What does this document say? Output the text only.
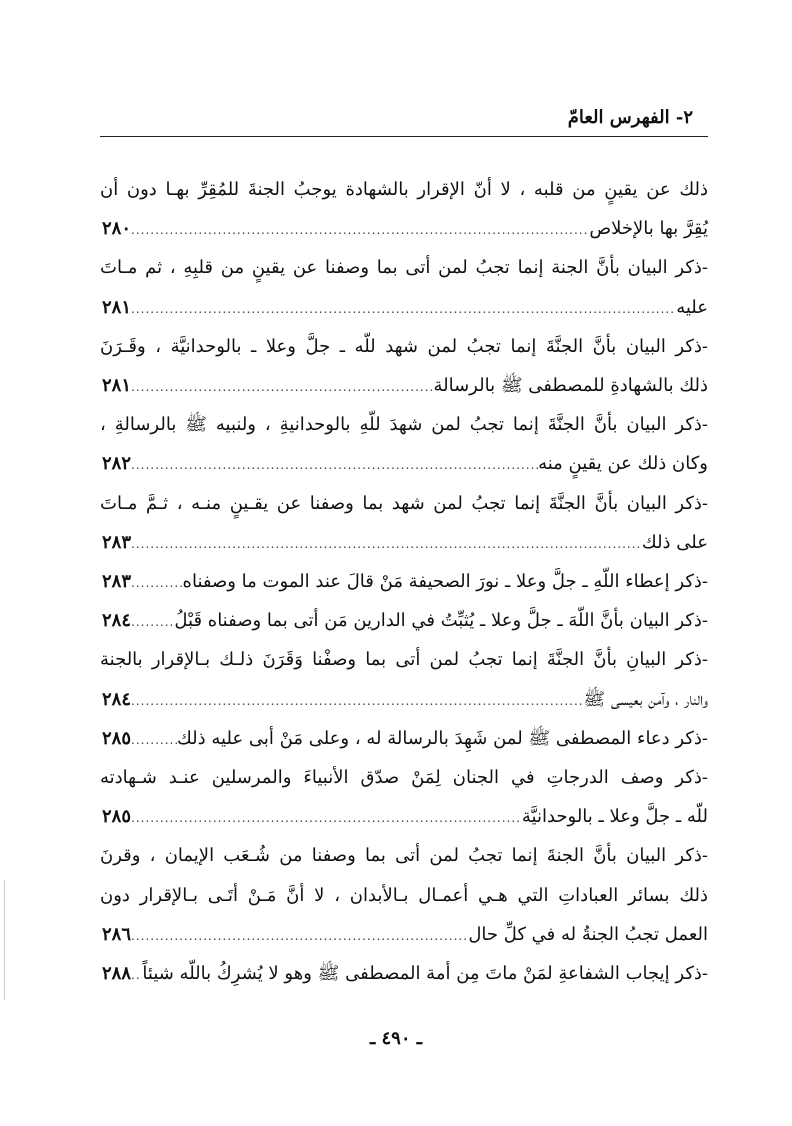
٢- الفهرس العامّ
ذلك عن يقينٍ من قلبه ، لا أنّ الإقرار بالشهادة يوجبُ الجنةَ للمُقِرِّ بهـا دون أن
يُقِرَّ بها بالإخلاص
.....
٢٨٠
-ذكر البيان بأنَّ الجنة إنما تجبُ لمن أتى بما وصفنا عن يقينٍ من قلبِهِ ، ثم مـاتَ
عليه
.....
٢٨١
-ذكر البيان بأنَّ الجنَّةَ إنما تجبُ لمن شهد للّه ـ جلَّ وعلا ـ بالوحدانيَّة ، وقَـرَنَ
ذلك بالشهادةِ للمصطفى ﷺ بالرسالة
.....
٢٨١
-ذكر البيان بأنَّ الجنَّةَ إنما تجبُ لمن شهدَ للّهِ بالوحدانيةِ ، ولنبيه ﷺ بالرسالةِ ،
وكان ذلك عن يقينٍ منه
.....
٢٨٢
-ذكر البيان بأنَّ الجنَّةَ إنما تجبُ لمن شهد بما وصفنا عن يقـينٍ منـه ، ثـمَّ مـاتَ
على ذلك
.....
٢٨٣
-ذكر إعطاء اللّهِ ـ جلَّ وعلا ـ نورَ الصحيفة مَنْ قالَ عند الموت ما وصفناه
.....
٢٨٣
-ذكر البيان بأنَّ اللّهَ ـ جلَّ وعلا ـ يُثبِّتُ في الدارين مَن أتى بما وصفناه قَبْلُ
.....
٢٨٤
-ذكر البيانِ بأنَّ الجنَّةَ إنما تجبُ لمن أتى بما وصفْنا وَقَرَنَ ذلـك بـالإقرار بالجنة
والنار ، وآمن بعيسى ﷺ
.....
٢٨٤
-ذكر دعاء المصطفى ﷺ لمن شَهِدَ بالرسالة له ، وعلى مَنْ أبى عليه ذلك
.....
٢٨٥
-ذكر وصف الدرجاتِ في الجنان لِمَنْ صدّق الأنبياءَ والمرسلين عنـد شـهادته
للّه ـ جلَّ وعلا ـ بالوحدانيَّة
.....
٢٨٥
-ذكر البيان بأنَّ الجنةَ إنما تجبُ لمن أتى بما وصفنا من شُـعَب الإيمان ، وقرنَ
ذلك بسائر العباداتِ التي هـي أعمـال بـالأبدان ، لا أنَّ مَـنْ أتَـى بـالإقرار دون
العمل تجبُ الجنةُ له في كلِّ حال
.....
٢٨٦
-ذكر إيجاب الشفاعةِ لمَنْ ماتَ مِن أمة المصطفى ﷺ وهو لا يُشرِكُ باللّه شيئاً
.....
٢٨٨
ـ ٤٩٠ ـ
